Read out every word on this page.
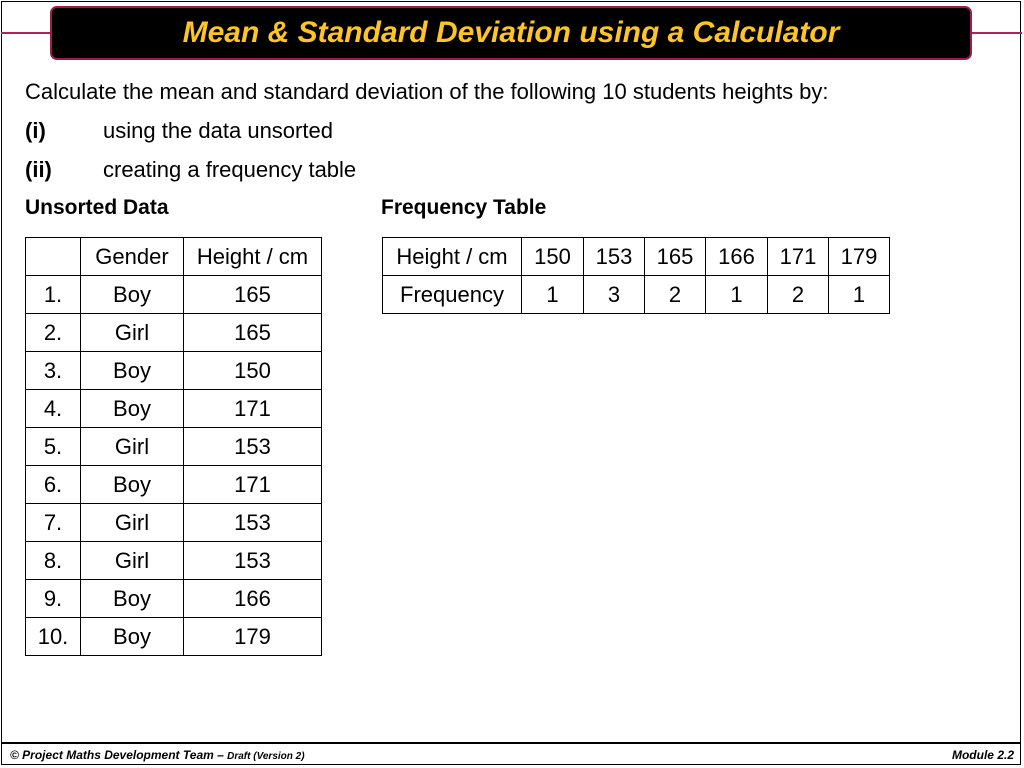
Mean & Standard Deviation using a Calculator
Calculate the mean and standard deviation of the following 10 students heights by:
(i)	using the data unsorted
(ii)	creating a frequency table
Unsorted Data	Frequency Table
	Gender	Height / cm
1.	Boy	165
2.	Girl	165
3.	Boy	150
4.	Boy	171
5.	Girl	153
6.	Boy	171
7.	Girl	153
8.	Girl	153
9.	Boy	166
10.	Boy	179
Height / cm	150	153	165	166	171	179
Frequency	1	3	2	1	2	1
© Project Maths Development Team – Draft (Version 2)	Module 2.2
